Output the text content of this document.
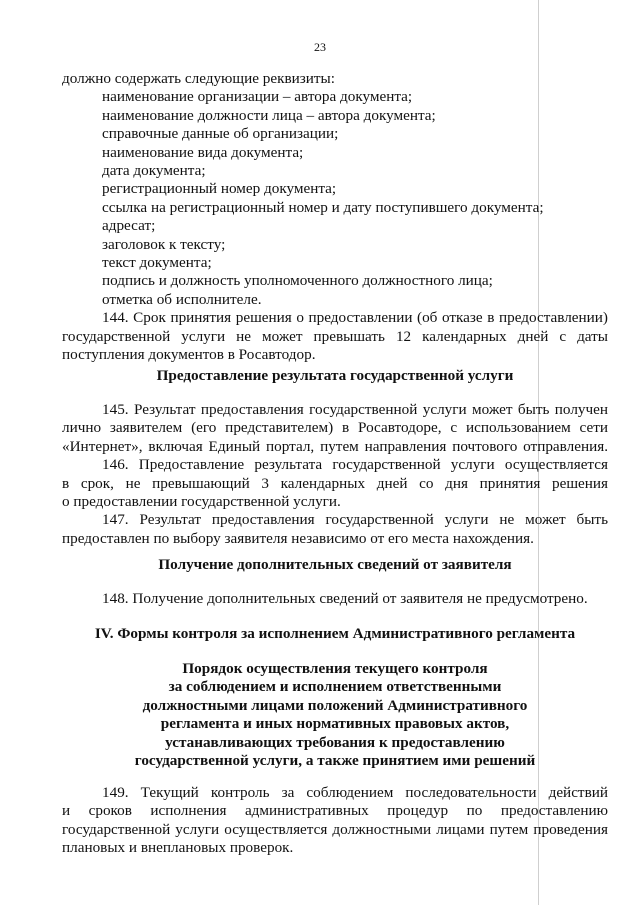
23
должно содержать следующие реквизиты:
наименование организации – автора документа;
наименование должности лица – автора документа;
справочные данные об организации;
наименование вида документа;
дата документа;
регистрационный номер документа;
ссылка на регистрационный номер и дату поступившего документа;
адресат;
заголовок к тексту;
текст документа;
подпись и должность уполномоченного должностного лица;
отметка об исполнителе.
144. Срок принятия решения о предоставлении (об отказе в предоставлении)
государственной услуги не может превышать 12 календарных дней с даты
поступления документов в Росавтодор.
Предоставление результата государственной услуги
145. Результат предоставления государственной услуги может быть получен
лично заявителем (его представителем) в Росавтодоре, с использованием сети
«Интернет», включая Единый портал, путем направления почтового отправления.
146. Предоставление результата государственной услуги осуществляется
в срок, не превышающий 3 календарных дней со дня принятия решения
о предоставлении государственной услуги.
147. Результат предоставления государственной услуги не может быть
предоставлен по выбору заявителя независимо от его места нахождения.
Получение дополнительных сведений от заявителя
148. Получение дополнительных сведений от заявителя не предусмотрено.
IV. Формы контроля за исполнением Административного регламента
Порядок осуществления текущего контроля
за соблюдением и исполнением ответственными
должностными лицами положений Административного
регламента и иных нормативных правовых актов,
устанавливающих требования к предоставлению
государственной услуги, а также принятием ими решений
149. Текущий контроль за соблюдением последовательности действий
и сроков исполнения административных процедур по предоставлению
государственной услуги осуществляется должностными лицами путем проведения
плановых и внеплановых проверок.
